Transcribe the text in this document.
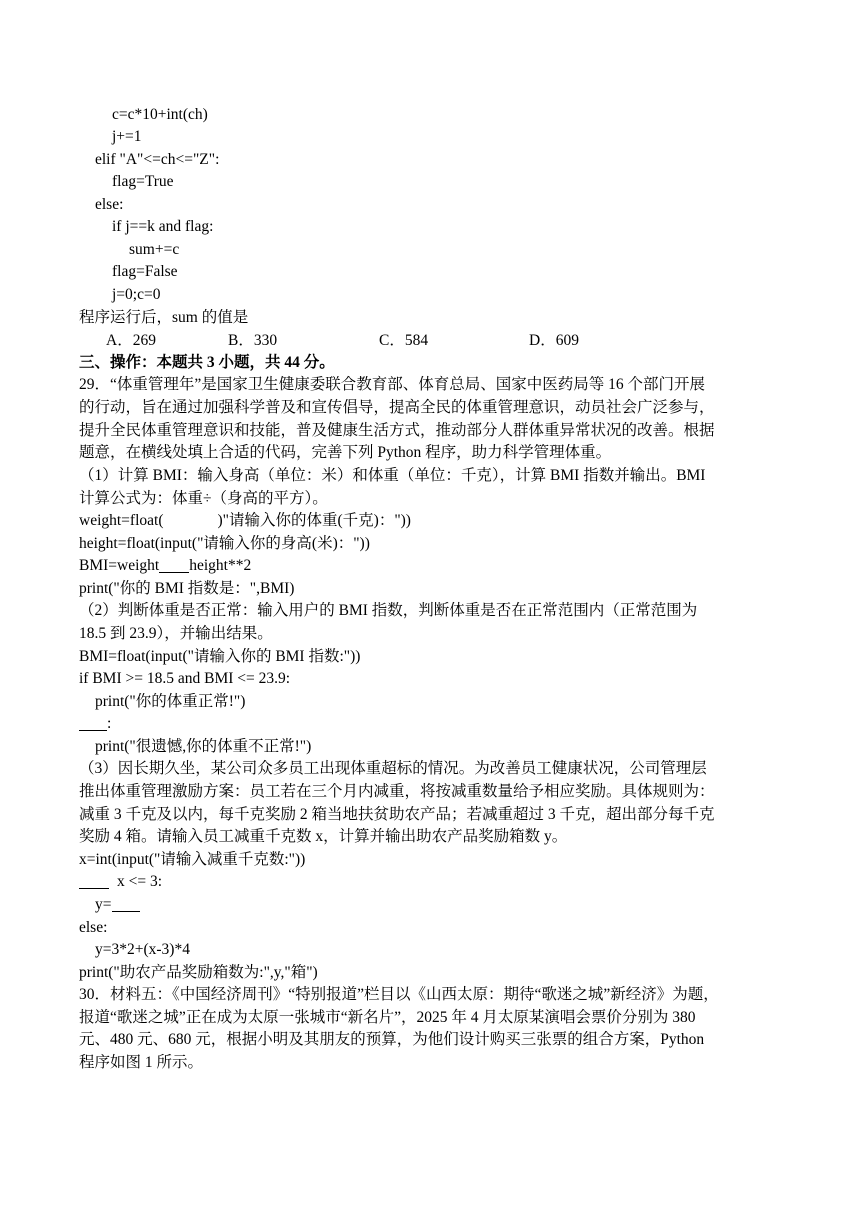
c=c*10+int(ch)
j+=1
elif "A"<=ch<="Z":
flag=True
else:
if j==k and flag:
sum+=c
flag=False
j=0;c=0
程序运行后，sum 的值是
A．269	B．330	C．584	D．609
三、操作：本题共 3 小题，共 44 分。
29．“体重管理年”是国家卫生健康委联合教育部、体育总局、国家中医药局等 16 个部门开展
的行动，旨在通过加强科学普及和宣传倡导，提高全民的体重管理意识，动员社会广泛参与，
提升全民体重管理意识和技能，普及健康生活方式，推动部分人群体重异常状况的改善。根据
题意，在横线处填上合适的代码，完善下列 Python 程序，助力科学管理体重。
（1）计算 BMI：输入身高（单位：米）和体重（单位：千克），计算 BMI 指数并输出。BMI
计算公式为：体重÷（身高的平方）。
weight=float(	)"请输入你的体重(千克)："))
height=float(input("请输入你的身高(米)："))
BMI=weight height**2
print("你的 BMI 指数是：",BMI)
（2）判断体重是否正常：输入用户的 BMI 指数，判断体重是否在正常范围内（正常范围为
18.5 到 23.9），并输出结果。
BMI=float(input("请输入你的 BMI 指数:"))
if BMI >= 18.5 and BMI <= 23.9:
print("你的体重正常!")
:
print("很遗憾,你的体重不正常!")
（3）因长期久坐，某公司众多员工出现体重超标的情况。为改善员工健康状况，公司管理层
推出体重管理激励方案：员工若在三个月内减重，将按减重数量给予相应奖励。具体规则为：
减重 3 千克及以内，每千克奖励 2 箱当地扶贫助农产品；若减重超过 3 千克，超出部分每千克
奖励 4 箱。请输入员工减重千克数 x，计算并输出助农产品奖励箱数 y。
x=int(input("请输入减重千克数:"))
x <= 3:
y=
else:
y=3*2+(x-3)*4
print("助农产品奖励箱数为:",y,"箱")
30．材料五：《中国经济周刊》“特别报道”栏目以《山西太原：期待“歌迷之城”新经济》为题，
报道“歌迷之城”正在成为太原一张城市“新名片”，2025 年 4 月太原某演唱会票价分别为 380
元、480 元、680 元，根据小明及其朋友的预算，为他们设计购买三张票的组合方案，Python
程序如图 1 所示。
